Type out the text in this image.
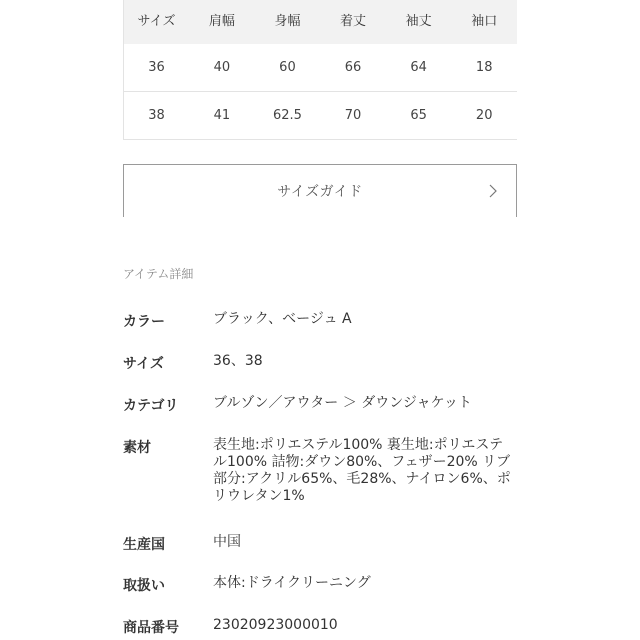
サイズ	肩幅	身幅	着丈	袖丈	袖口
36	40	60	66	64	18
38	41	62.5	70	65	20
サイズガイド
アイテム詳細
カラー	ブラック、ベージュ A
サイズ	36、38
カテゴリ	ブルゾン／アウター ＞ ダウンジャケット
素材	表生地:ポリエステル100% 裏生地:ポリエステ
ル100% 詰物:ダウン80%、フェザー20% リブ
部分:アクリル65%、毛28%、ナイロン6%、ポ
リウレタン1%
生産国	中国
取扱い	本体:ドライクリーニング
商品番号	23020923000010
